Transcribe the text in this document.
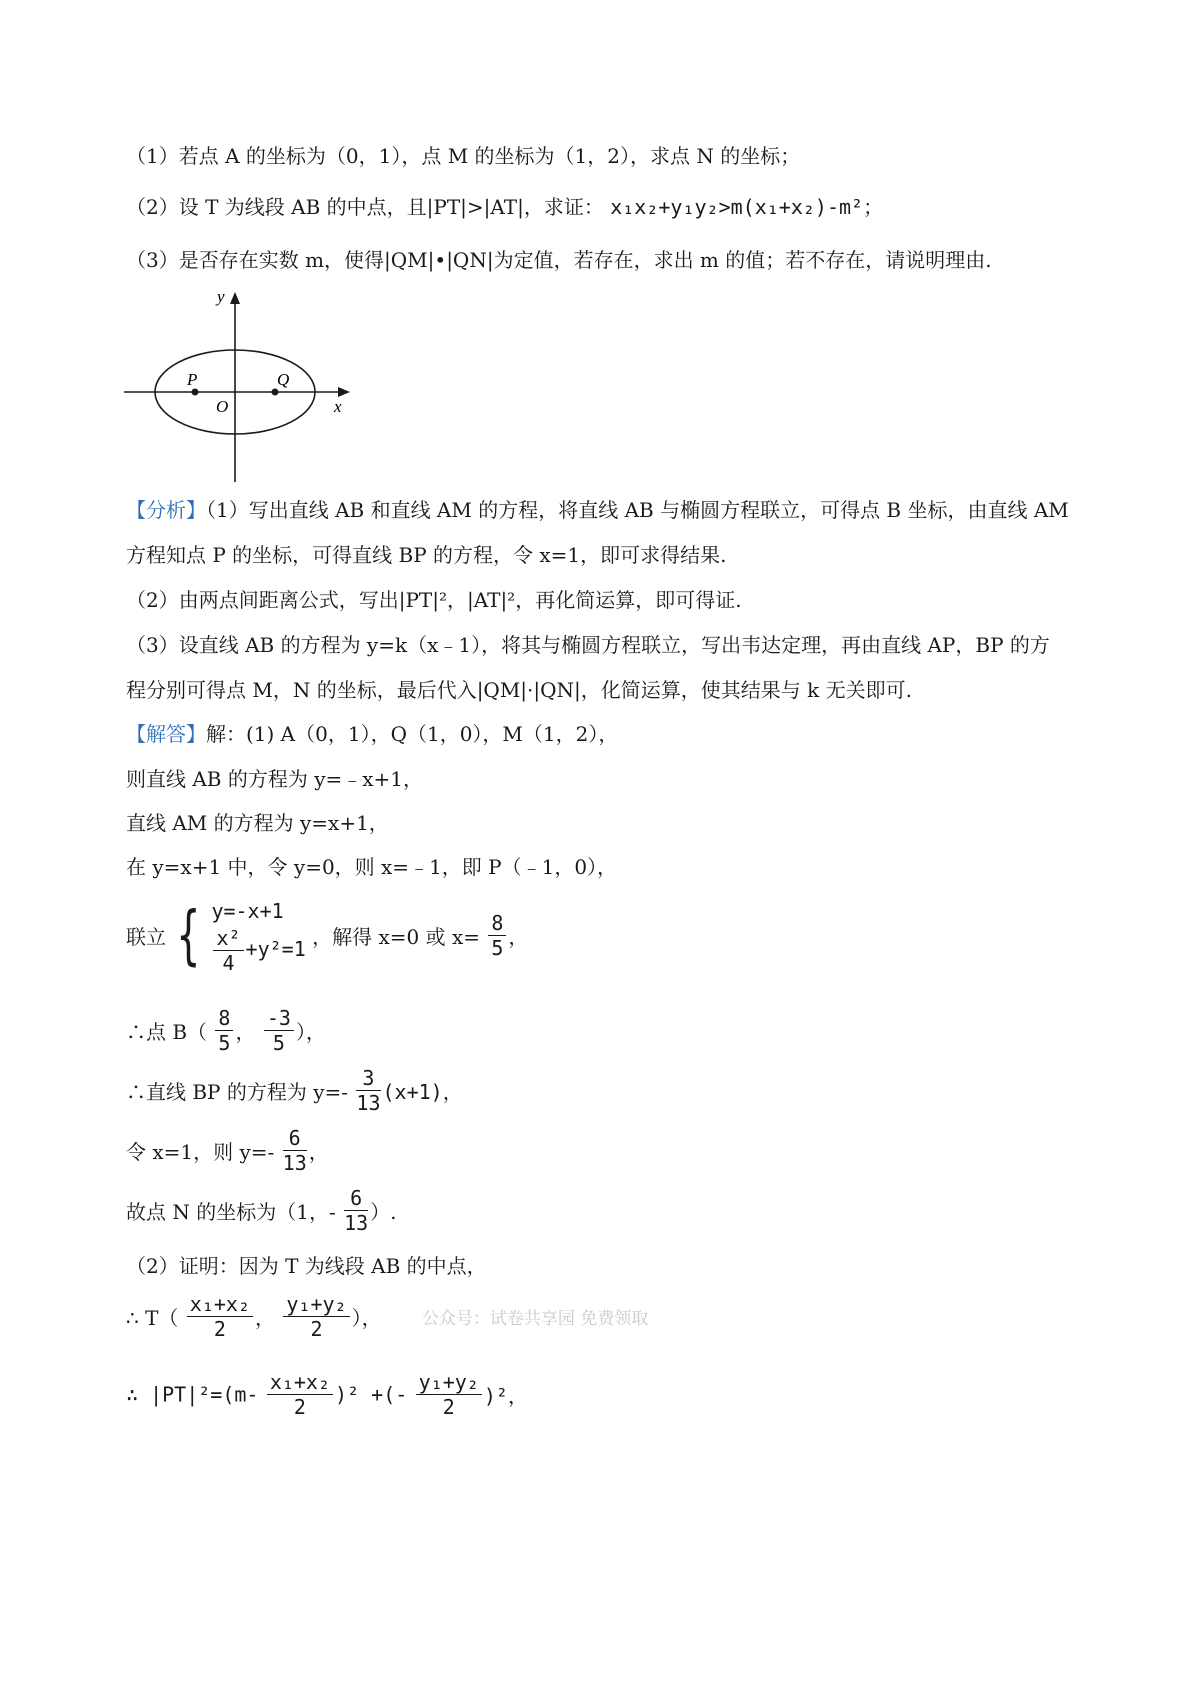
（1）若点 A 的坐标为（0，1），点 M 的坐标为（1，2），求点 N 的坐标；
（2）设 T 为线段 AB 的中点，且|PT|>|AT|，求证： x₁x₂+y₁y₂>m(x₁+x₂)-m²；
（3）是否存在实数 m，使得|QM|•|QN|为定值，若存在，求出 m 的值；若不存在，请说明理由.
y
x
O
P	Q
【分析】（1）写出直线 AB 和直线 AM 的方程，将直线 AB 与椭圆方程联立，可得点 B 坐标，由直线 AM
方程知点 P 的坐标，可得直线 BP 的方程，令 x=1，即可求得结果.
（2）由两点间距离公式，写出|PT|²，|AT|²，再化简运算，即可得证.
（3）设直线 AB 的方程为 y=k（x﹣1），将其与椭圆方程联立，写出韦达定理，再由直线 AP，BP 的方
程分别可得点 M，N 的坐标，最后代入|QM|·|QN|，化简运算，使其结果与 k 无关即可.
【解答】解：(1) A（0，1），Q（1，0），M（1，2），
则直线 AB 的方程为 y=﹣x+1，
直线 AM 的方程为 y=x+1，
在 y=x+1 中，令 y=0，则 x=﹣1，即 P（﹣1，0），
联立 { y=-x+1
$\frac{\text{x²}}{4} +y^2=1$ ，解得 x=0 或 $x= \frac{8}{5}$ ，
∴点 $B( \frac{8}{5}$ ， $\frac{-3}{5}$ ），
∴直线 BP 的方程为 $y=- \frac{3}{13} (x+1)$，
令 x=1，则 $y=- \frac{6}{13}$ ，
故点 N 的坐标为（1，- $\frac{6}{13}$ ）.
（2）证明：因为 T 为线段 AB 的中点，
∴ $T( \frac{\text{x₁+x₂}}{2}$ ， $\frac{\text{y₁+y₂}}{2}$ ）， 公众号：试卷共享园 免费领取
∴ $|PT|^2=(m- \frac{\text{x₁+x₂}}{2} )^2$ +(- $\frac{\text{y₁+y₂}}{2} )^2$，
